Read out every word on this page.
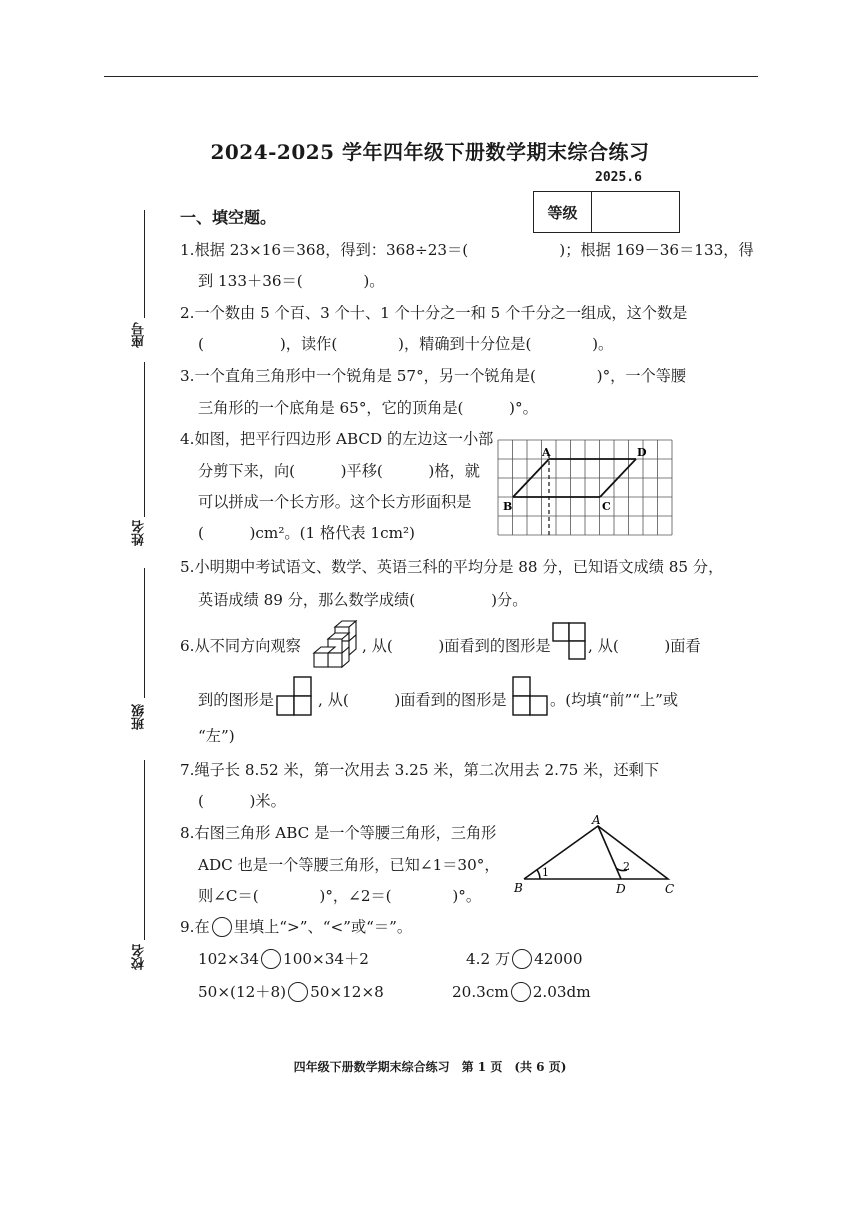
2024-2025 学年四年级下册数学期末综合练习
2025.6
等级
座号
姓名
班级
校名
一、填空题。
1.根据 23×16＝368，得到：368÷23＝(　　　　　　)；根据 169－36＝133，得
到 133＋36＝(　　　　)。
2.一个数由 5 个百、3 个十、1 个十分之一和 5 个千分之一组成，这个数是
(　　　　　)，读作(　　　　)，精确到十分位是(　　　　)。
3.一个直角三角形中一个锐角是 57°，另一个锐角是(　　　　)°，一个等腰
三角形的一个底角是 65°，它的顶角是(　　　)°。
4.如图，把平行四边形 ABCD 的左边这一小部
分剪下来，向(　　　)平移(　　　)格，就
可以拼成一个长方形。这个长方形面积是
(　　　)cm²。(1 格代表 1cm²)
A	D
B	C
5.小明期中考试语文、数学、英语三科的平均分是 88 分，已知语文成绩 85 分，
英语成绩 89 分，那么数学成绩(　　　　　)分。
6.从不同方向观察	, 从(　　　)面看到的图形是 , 从(　　　)面看
到的图形是	, 从(　　　)面看到的图形是	。(均填“前”“上”或
“左”)
7.绳子长 8.52 米，第一次用去 3.25 米，第二次用去 2.75 米，还剩下
(　　　)米。
8.右图三角形 ABC 是一个等腰三角形，三角形
ADC 也是一个等腰三角形，已知∠1＝30°，
则∠C＝(　　　　)°，∠2＝(　　　　)°。
A
B	D	C
1	2
9.在 里填上“>”、“<”或“＝”。
102×34 100×34＋2	4.2 万 42000
50×(12＋8) 50×12×8	20.3cm 2.03dm
四年级下册数学期末综合练习　第 1 页　(共 6 页)
